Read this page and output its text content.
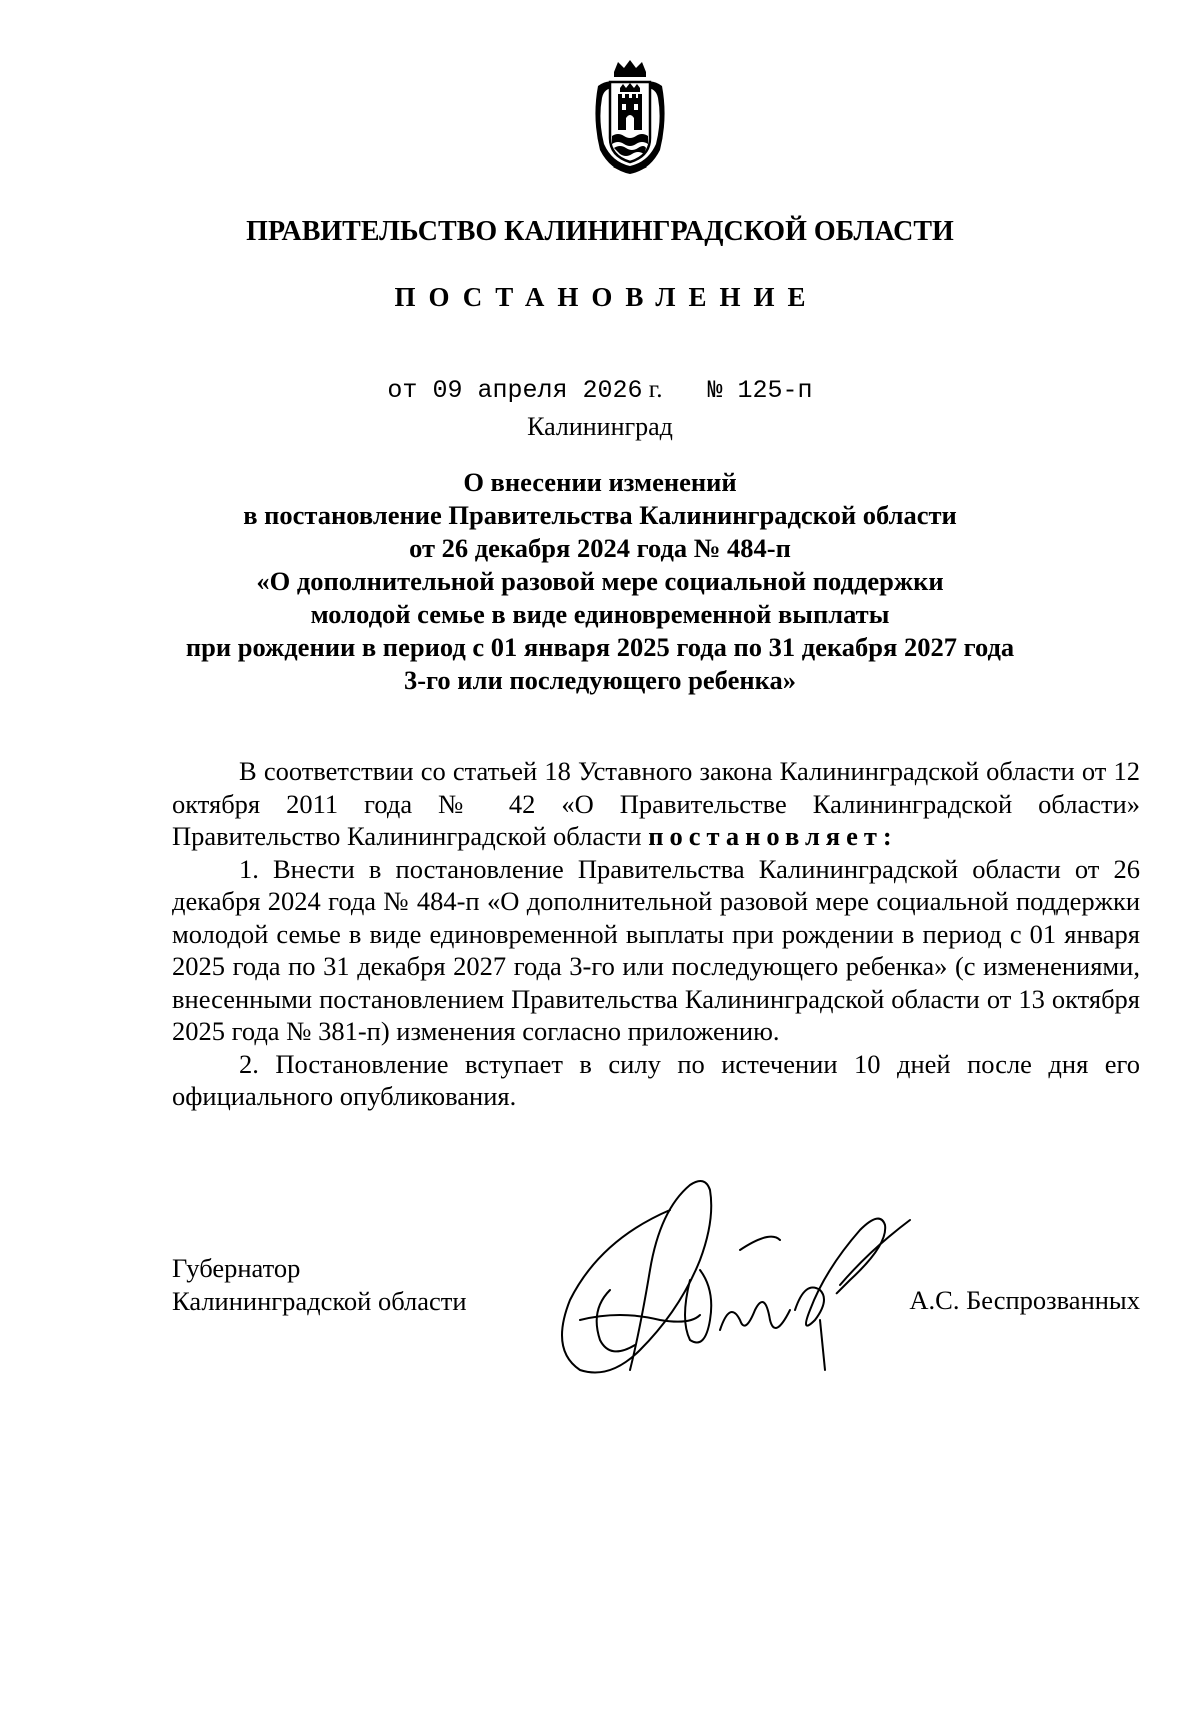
ПРАВИТЕЛЬСТВО КАЛИНИНГРАДСКОЙ ОБЛАСТИ
ПОСТАНОВЛЕНИЕ
от 09 апреля 2026 г. № 125-п
Калининград
О внесении изменений
в постановление Правительства Калининградской области
от 26 декабря 2024 года № 484-п
«О дополнительной разовой мере социальной поддержки
молодой семье в виде единовременной выплаты
при рождении в период с 01 января 2025 года по 31 декабря 2027 года
3-го или последующего ребенка»

В соответствии со статьей 18 Уставного закона Калининградской области от 12 октября 2011 года № 42 «О Правительстве Калининградской области» Правительство Калининградской области постановляет:

1. Внести в постановление Правительства Калининградской области от 26 декабря 2024 года № 484-п «О дополнительной разовой мере социальной поддержки молодой семье в виде единовременной выплаты при рождении в период с 01 января 2025 года по 31 декабря 2027 года 3-го или последующего ребенка» (с изменениями, внесенными постановлением Правительства Калининградской области от 13 октября 2025 года № 381-п) изменения согласно приложению.

2. Постановление вступает в силу по истечении 10 дней после дня его официального опубликования.

Губернатор
Калининградской области	А.С. Беспрозванных
